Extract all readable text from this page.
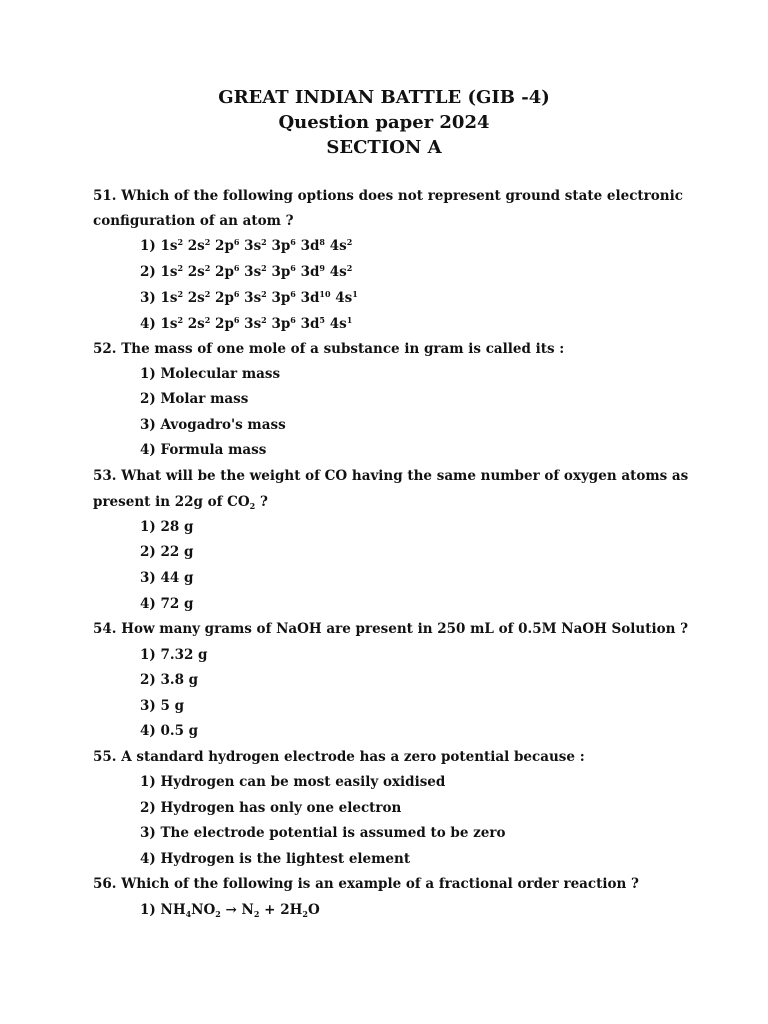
GREAT INDIAN BATTLE (GIB -4)
Question paper 2024
SECTION A
51. Which of the following options does not represent ground state electronic
configuration of an atom ?
1) $1s^2$ $2s^2$ $2p^6$ $3s^2$ $3p^6$ $3d^8$ $4s^2$
2) $1s^2$ $2s^2$ $2p^6$ $3s^2$ $3p^6$ $3d^9$ $4s^2$
3) $1s^2$ $2s^2$ $2p^6$ $3s^2$ $3p^6$ $3d^{10}$ $4s^1$
4) $1s^2$ $2s^2$ $2p^6$ $3s^2$ $3p^6$ $3d^5$ $4s^1$
52. The mass of one mole of a substance in gram is called its :
1) Molecular mass
2) Molar mass
3) Avogadro's mass
4) Formula mass
53. What will be the weight of CO having the same number of oxygen atoms as
present in 22g of $CO_2$ ?
1) 28 g
2) 22 g
3) 44 g
4) 72 g
54. How many grams of NaOH are present in 250 mL of 0.5M NaOH Solution ?
1) 7.32 g
2) 3.8 g
3) 5 g
4) 0.5 g
55. A standard hydrogen electrode has a zero potential because :
1) Hydrogen can be most easily oxidised
2) Hydrogen has only one electron
3) The electrode potential is assumed to be zero
4) Hydrogen is the lightest element
56. Which of the following is an example of a fractional order reaction ?
1) $NH_4NO_2 \to N_2 + 2H_2O$
